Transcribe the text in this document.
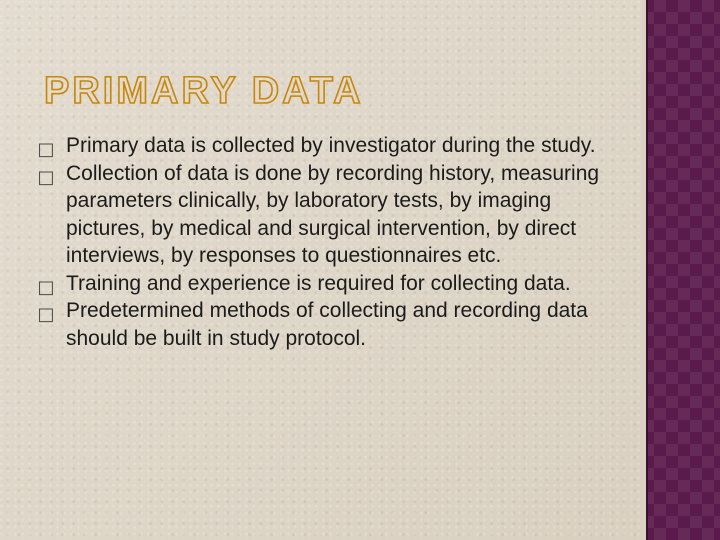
PRIMARY DATA
□ Primary data is collected by investigator during the study.
□ Collection of data is done by recording history, measuring parameters clinically, by laboratory tests, by imaging pictures, by medical and surgical intervention, by direct interviews, by responses to questionnaires etc.
□ Training and experience is required for collecting data.
□ Predetermined methods of collecting and recording data should be built in study protocol.
